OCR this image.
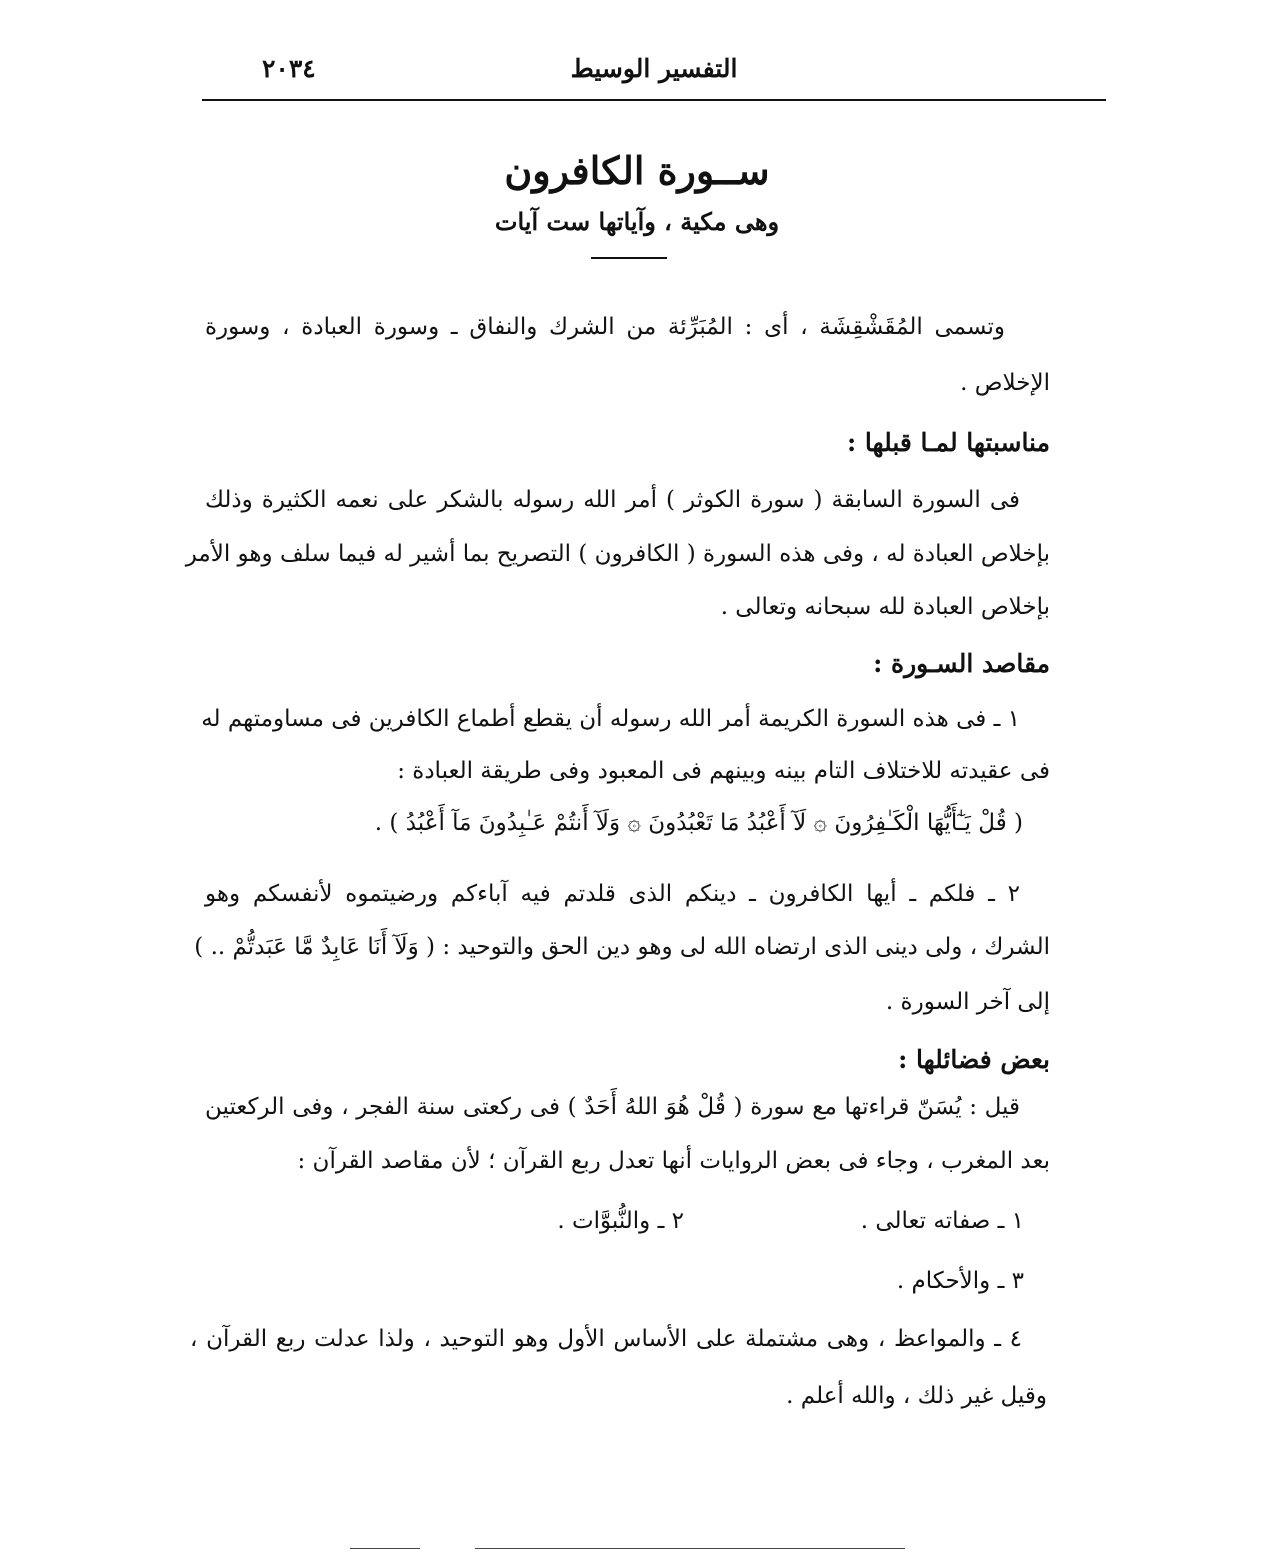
التفسير الوسيط
٢٠٣٤
ســورة الكافرون
وهى مكية ، وآياتها ست آيات
وتسمى المُقَشْقِشَة ، أى : المُبَرِّئة من الشرك والنفاق ـ وسورة العبادة ، وسورة
الإخلاص .
مناسبتها لمـا قبلها :
فى السورة السابقة ( سورة الكوثر ) أمر الله رسوله بالشكر على نعمه الكثيرة وذلك
بإخلاص العبادة له ، وفى هذه السورة ( الكافرون ) التصريح بما أشير له فيما سلف وهو الأمر
بإخلاص العبادة لله سبحانه وتعالى .
مقاصد السـورة :
١ ـ فى هذه السورة الكريمة أمر الله رسوله أن يقطع أطماع الكافرين فى مساومتهم له
فى عقيدته للاختلاف التام بينه وبينهم فى المعبود وفى طريقة العبادة :
( قُلْ يَـٰٓأَيُّهَا الْكَـٰفِرُونَ ۞ لَآ أَعْبُدُ مَا تَعْبُدُونَ ۞ وَلَآ أَنتُمْ عَـٰبِدُونَ مَآ أَعْبُدُ ) .
٢ ـ فلكم ـ أيها الكافرون ـ دينكم الذى قلدتم فيه آباءكم ورضيتموه لأنفسكم وهو
الشرك ، ولى دينى الذى ارتضاه الله لى وهو دين الحق والتوحيد : ( وَلَآ أَنَا عَابِدٌ مَّا عَبَدتُّمْ .. )
إلى آخر السورة .
بعض فضائلها :
قيل : يُسَنّ قراءتها مع سورة ( قُلْ هُوَ اللهُ أَحَدٌ ) فى ركعتى سنة الفجر ، وفى الركعتين
بعد المغرب ، وجاء فى بعض الروايات أنها تعدل ربع القرآن ؛ لأن مقاصد القرآن :
١ ـ صفاته تعالى .
٢ ـ والنُّبوَّات .
٣ ـ والأحكام .
٤ ـ والمواعظ ، وهى مشتملة على الأساس الأول وهو التوحيد ، ولذا عدلت ربع القرآن ،
وقيل غير ذلك ، والله أعلم .
